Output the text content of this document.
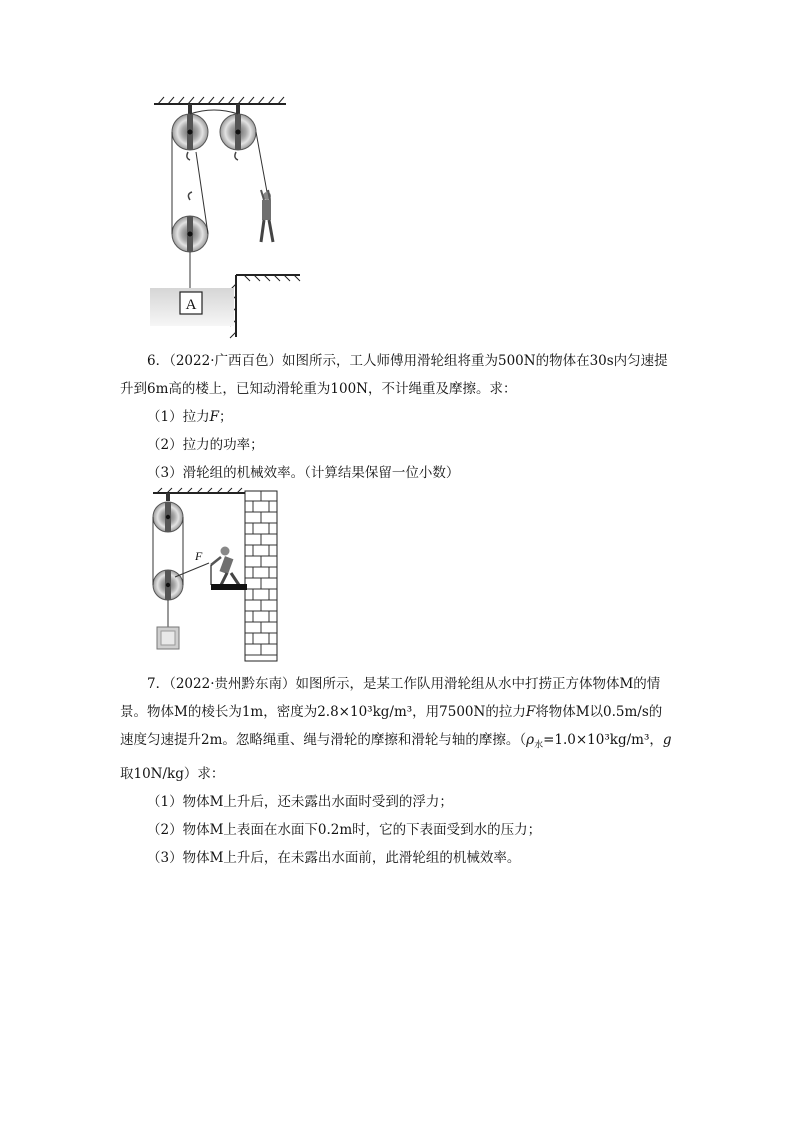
A

6．（2022·广西百色）如图所示，工人师傅用滑轮组将重为500N的物体在30s内匀速提

升到6m高的楼上，已知动滑轮重为100N，不计绳重及摩擦。求：

（1）拉力F；

（2）拉力的功率；

（3）滑轮组的机械效率。（计算结果保留一位小数）

F

7．（2022·贵州黔东南）如图所示，是某工作队用滑轮组从水中打捞正方体物体M的情

景。物体M的棱长为1m，密度为2.8×10³kg/m³，用7500N的拉力F将物体M以0.5m/s的

速度匀速提升2m。忽略绳重、绳与滑轮的摩擦和滑轮与轴的摩擦。（$\rho_水=1.0\times 10^3kg/m^3$，g

取10N/kg）求：

（1）物体M上升后，还未露出水面时受到的浮力；

（2）物体M上表面在水面下0.2m时，它的下表面受到水的压力；

（3）物体M上升后，在未露出水面前，此滑轮组的机械效率。
